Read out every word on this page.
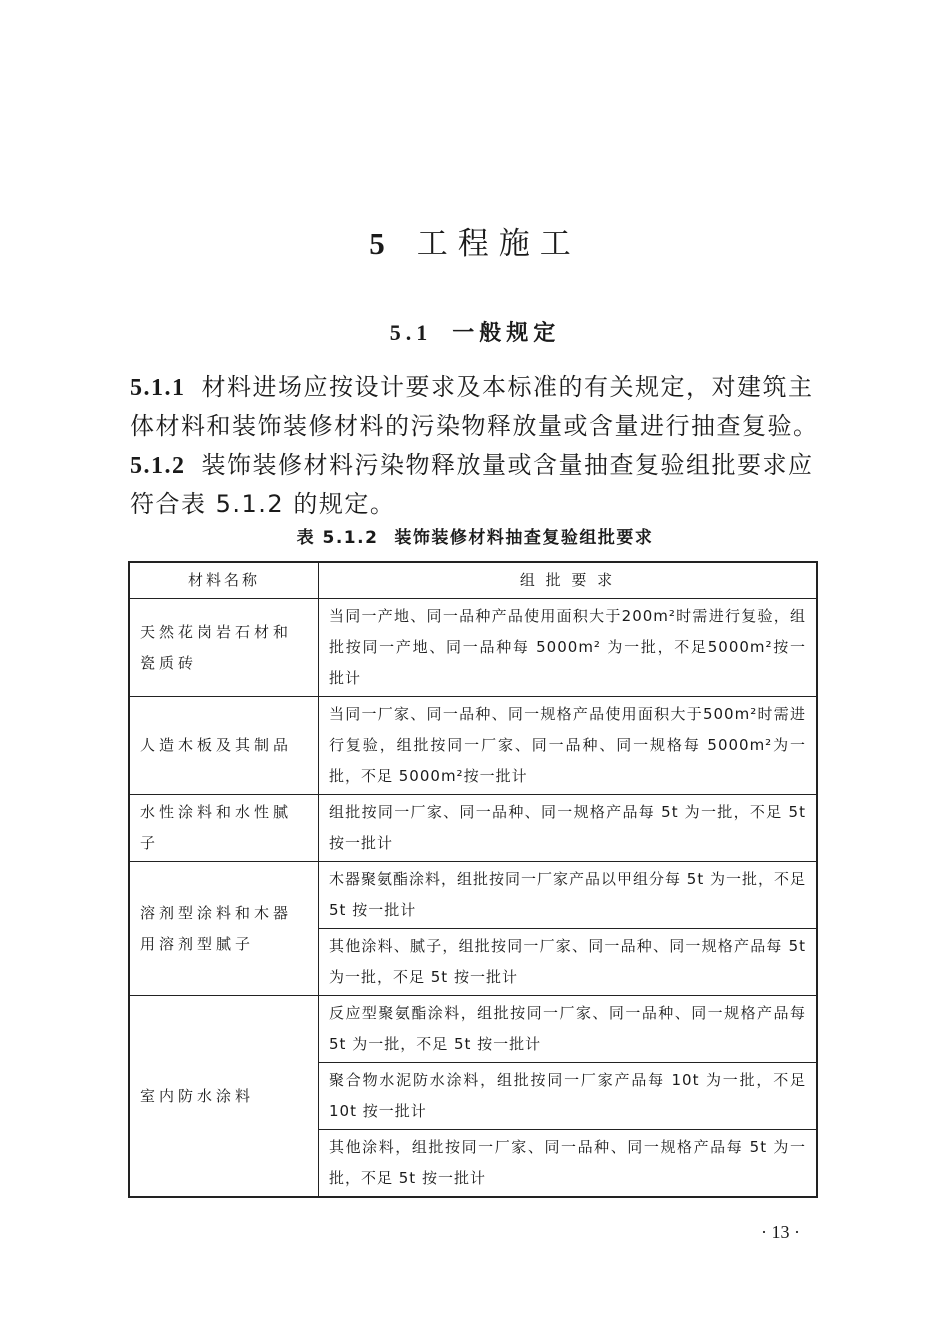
5 工程施工
5.1 一般规定
5.1.1 材料进场应按设计要求及本标准的有关规定，对建筑主体材料和装饰装修材料的污染物释放量或含量进行抽查复验。
5.1.2 装饰装修材料污染物释放量或含量抽查复验组批要求应符合表 5.1.2 的规定。
表 5.1.2 装饰装修材料抽查复验组批要求
材料名称	组 批 要 求
天然花岗岩石材和瓷质砖	当同一产地、同一品种产品使用面积大于200m²时需进行复验，组批按同一产地、同一品种每 5000m² 为一批，不足5000m²按一批计
人造木板及其制品	当同一厂家、同一品种、同一规格产品使用面积大于500m²时需进行复验，组批按同一厂家、同一品种、同一规格每 5000m²为一批，不足 5000m²按一批计
水性涂料和水性腻子	组批按同一厂家、同一品种、同一规格产品每 5t 为一批，不足 5t 按一批计
溶剂型涂料和木器用溶剂型腻子	木器聚氨酯涂料，组批按同一厂家产品以甲组分每 5t 为一批，不足 5t 按一批计
	其他涂料、腻子，组批按同一厂家、同一品种、同一规格产品每 5t 为一批，不足 5t 按一批计
室内防水涂料	反应型聚氨酯涂料，组批按同一厂家、同一品种、同一规格产品每 5t 为一批，不足 5t 按一批计
	聚合物水泥防水涂料，组批按同一厂家产品每 10t 为一批，不足 10t 按一批计
	其他涂料，组批按同一厂家、同一品种、同一规格产品每 5t 为一批，不足 5t 按一批计
· 13 ·
